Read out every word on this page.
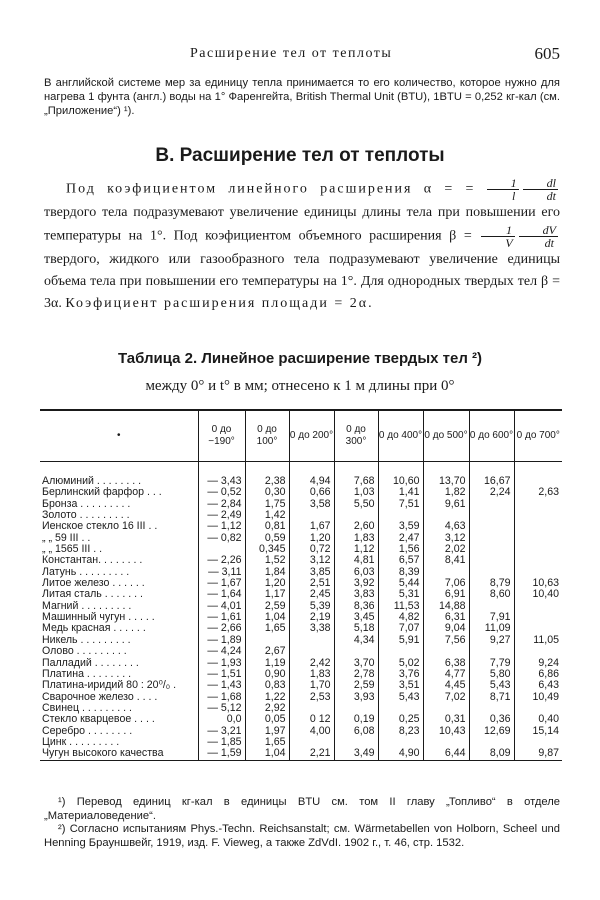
Расширение тел от теплоты	605
В английской системе мер за единицу тепла принимается то его количество, которое нужно для нагрева 1 фунта (англ.) воды на 1° Фаренгейта, British Thermal Unit (BTU), 1BTU = 0,252 кг-кал (см. „Приложение“) ¹).
B. Расширение тел от теплоты

Под коэфициентом линейного расширения α = = $\frac{1}{l} \frac{dl}{dt}$
твердого тела подразумевают увеличение единицы длины тела при повышении его температуры на 1°. Под коэфициентом объемного расширения $\beta = \frac{1}{V} \frac{dV}{dt}$
твердого, жидкого или газообразного тела подразумевают увеличение единицы объема тела при повышении его температуры на 1°. Для однородных твердых тел β = 3α. Коэфициент расширения площади = 2α.

Таблица 2. Линейное расширение твердых тел ²)
между 0° и t° в мм; отнесено к 1 м длины при 0°
•	0 до −190°	0 до 100°	0 до 200°	0 до 300°	0 до 400°	0 до 500°	0 до 600°	0 до 700°

Алюминий . . . . . . . .	— 3,43	2,38	4,94	7,68	10,60	13,70	16,67	
Берлинский фарфор . . .	— 0,52	0,30	0,66	1,03	1,41	1,82	2,24	2,63
Бронза . . . . . . . . .	— 2,84	1,75	3,58	5,50	7,51	9,61		
Золото . . . . . . . . .	— 2,49	1,42						
Иенское стекло 16 III . .	— 1,12	0,81	1,67	2,60	3,59	4,63		
„ „ 59 III . .	— 0,82	0,59	1,20	1,83	2,47	3,12		
„ „ 1565 III . .		0,345	0,72	1,12	1,56	2,02		
Константан. . . . . . . .	— 2,26	1,52	3,12	4,81	6,57	8,41		
Латунь . . . . . . . . .	— 3,11	1,84	3,85	6,03	8,39			
Литое железо . . . . . .	— 1,67	1,20	2,51	3,92	5,44	7,06	8,79	10,63
Литая сталь . . . . . . .	— 1,64	1,17	2,45	3,83	5,31	6,91	8,60	10,40
Магний . . . . . . . . .	— 4,01	2,59	5,39	8,36	11,53	14,88		
Машинный чугун . . . . .	— 1,61	1,04	2,19	3,45	4,82	6,31	7,91	
Медь красная . . . . . .	— 2,66	1,65	3,38	5,18	7,07	9,04	11,09	
Никель . . . . . . . . .	— 1,89			4,34	5,91	7,56	9,27	11,05
Олово . . . . . . . . .	— 4,24	2,67						
Палладий . . . . . . . .	— 1,93	1,19	2,42	3,70	5,02	6,38	7,79	9,24
Платина . . . . . . . .	— 1,51	0,90	1,83	2,78	3,76	4,77	5,80	6,86
Платина-иридий 80 : 20⁰/₀ .	— 1,43	0,83	1,70	2,59	3,51	4,45	5,43	6,43
Сварочное железо . . . .	— 1,68	1,22	2,53	3,93	5,43	7,02	8,71	10,49
Свинец . . . . . . . . .	— 5,12	2,92						
Стекло кварцевое . . . .	0,0	0,05	0 12	0,19	0,25	0,31	0,36	0,40
Серебро . . . . . . . .	— 3,21	1,97	4,00	6,08	8,23	10,43	12,69	15,14
Цинк . . . . . . . . .	— 1,85	1,65						
Чугун высокого качества	— 1,59	1,04	2,21	3,49	4,90	6,44	8,09	9,87

¹) Перевод единиц кг-кал в единицы BTU см. том II главу „Топливо“ в отделе „Материаловедение“.

²) Согласно испытаниям Phys.-Techn. Reichsanstalt; см. Wärmetabellen von Holborn, Scheel und Henning Брауншвейг, 1919, изд. F. Vieweg, а также ZdVdI. 1902 г., т. 46, стр. 1532.
